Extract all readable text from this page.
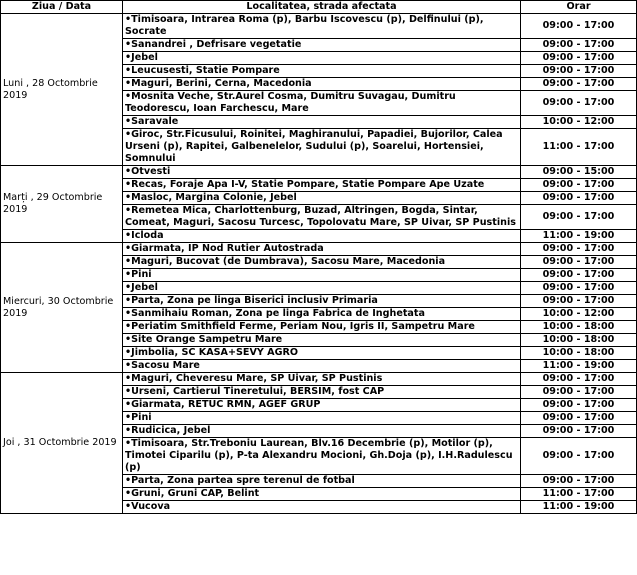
Ziua / Data	Localitatea, strada afectata	Orar
Luni , 28 Octombrie 2019	•Timisoara, Intrarea Roma (p), Barbu Iscovescu (p), Delfinului (p), Socrate	09:00 - 17:00
	•Sanandrei , Defrisare vegetatie	09:00 - 17:00
	•Jebel	09:00 - 17:00
	•Leucusesti, Statie Pompare	09:00 - 17:00
	•Maguri, Berini, Cerna, Macedonia	09:00 - 17:00
	•Mosnita Veche, Str.Aurel Cosma, Dumitru Suvagau, Dumitru Teodorescu, Ioan Farchescu, Mare	09:00 - 17:00
	•Saravale	10:00 - 12:00
	•Giroc, Str.Ficusului, Roinitei, Maghiranului, Papadiei, Bujorilor, Calea Urseni (p), Rapitei, Galbenelelor, Sudului (p), Soarelui, Hortensiei, Somnului	11:00 - 17:00
Marți , 29 Octombrie 2019	•Otvesti	09:00 - 15:00
	•Recas, Foraje Apa I-V, Statie Pompare, Statie Pompare Ape Uzate	09:00 - 17:00
	•Masloc, Margina Colonie, Jebel	09:00 - 17:00
	•Remetea Mica, Charlottenburg, Buzad, Altringen, Bogda, Sintar, Comeat, Maguri, Sacosu Turcesc, Topolovatu Mare, SP Uivar, SP Pustinis	09:00 - 17:00
	•Icloda	11:00 - 19:00
Miercuri, 30 Octombrie 2019	•Giarmata, IP Nod Rutier Autostrada	09:00 - 17:00
	•Maguri, Bucovat (de Dumbrava), Sacosu Mare, Macedonia	09:00 - 17:00
	•Pini	09:00 - 17:00
	•Jebel	09:00 - 17:00
	•Parta, Zona pe linga Biserici inclusiv Primaria	09:00 - 17:00
	•Sanmihaiu Roman, Zona pe linga Fabrica de Inghetata	10:00 - 12:00
	•Periatim Smithfield Ferme, Periam Nou, Igris II, Sampetru Mare	10:00 - 18:00
	•Site Orange Sampetru Mare	10:00 - 18:00
	•Jimbolia, SC KASA+SEVY AGRO	10:00 - 18:00
	•Sacosu Mare	11:00 - 19:00
Joi , 31 Octombrie 2019	•Maguri, Cheveresu Mare, SP Uivar, SP Pustinis	09:00 - 17:00
	•Urseni, Cartierul Tineretului, BERSIM, fost CAP	09:00 - 17:00
	•Giarmata, RETUC RMN, AGEF GRUP	09:00 - 17:00
	•Pini	09:00 - 17:00
	•Rudicica, Jebel	09:00 - 17:00
	•Timisoara, Str.Treboniu Laurean, Blv.16 Decembrie (p), Motilor (p), Timotei Ciparilu (p), P-ta Alexandru Mocioni, Gh.Doja (p), I.H.Radulescu (p)	09:00 - 17:00
	•Parta, Zona partea spre terenul de fotbal	09:00 - 17:00
	•Gruni, Gruni CAP, Belint	11:00 - 17:00
	•Vucova	11:00 - 19:00
